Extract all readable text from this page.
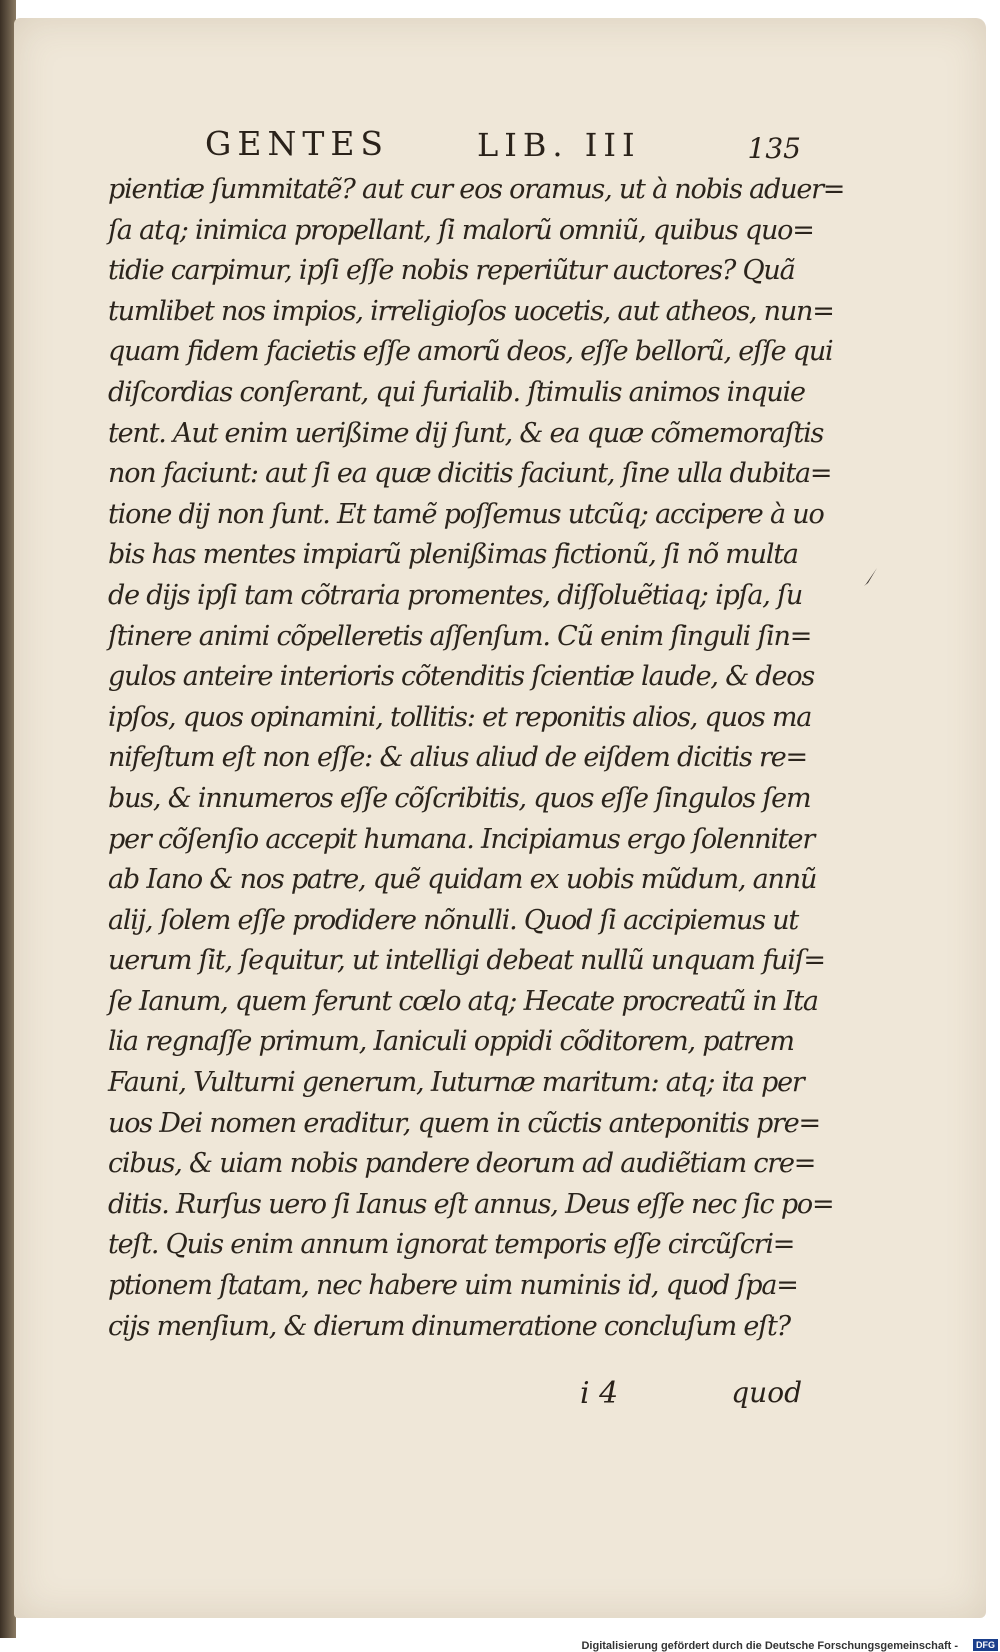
GENTES	LIB. III	135
pientiæ ſummitatẽ? aut cur eos oramus, ut à nobis aduer=
ſa atq; inimica propellant, ſi malorũ omniũ, quibus quo=
tidie carpimur, ipſi eſſe nobis reperiũtur auctores? Quã
tumlibet nos impios, irreligioſos uocetis, aut atheos, nun=
quam fidem facietis eſſe amorũ deos, eſſe bellorũ, eſſe qui
diſcordias conſerant, qui furialib. ſtimulis animos inquie
tent. Aut enim uerißime dij ſunt, & ea quæ cõmemoraſtis
non faciunt: aut ſi ea quæ dicitis faciunt, ſine ulla dubita=
tione dij non ſunt. Et tamẽ poſſemus utcũq; accipere à uo
bis has mentes impiarũ plenißimas fictionũ, ſi nõ multa
de dijs ipſi tam cõtraria promentes, diſſoluẽtiaq; ipſa, ſu
ſtinere animi cõpelleretis aſſenſum. Cũ enim ſinguli ſin=
gulos anteire interioris cõtenditis ſcientiæ laude, & deos
ipſos, quos opinamini, tollitis: et reponitis alios, quos ma
nifeſtum eſt non eſſe: & alius aliud de eiſdem dicitis re=
bus, & innumeros eſſe cõſcribitis, quos eſſe ſingulos ſem
per cõſenſio accepit humana. Incipiamus ergo ſolenniter
ab Iano & nos patre, quẽ quidam ex uobis mũdum, annũ
alij, ſolem eſſe prodidere nõnulli. Quod ſi accipiemus ut
uerum ſit, ſequitur, ut intelligi debeat nullũ unquam fuiſ=
ſe Ianum, quem ferunt cœlo atq; Hecate procreatũ in Ita
lia regnaſſe primum, Ianiculi oppidi cõditorem, patrem
Fauni, Vulturni generum, Iuturnæ maritum: atq; ita per
uos Dei nomen eraditur, quem in cũctis anteponitis pre=
cibus, & uiam nobis pandere deorum ad audiẽtiam cre=
ditis. Rurſus uero ſi Ianus eſt annus, Deus eſſe nec ſic po=
teſt. Quis enim annum ignorat temporis eſſe circũſcri=
ptionem ſtatam, nec habere uim numinis id, quod ſpa=
cijs menſium, & dierum dinumeratione concluſum eſt?
i 4	quod
Digitalisierung gefördert durch die Deutsche Forschungsgemeinschaft -	DFG
